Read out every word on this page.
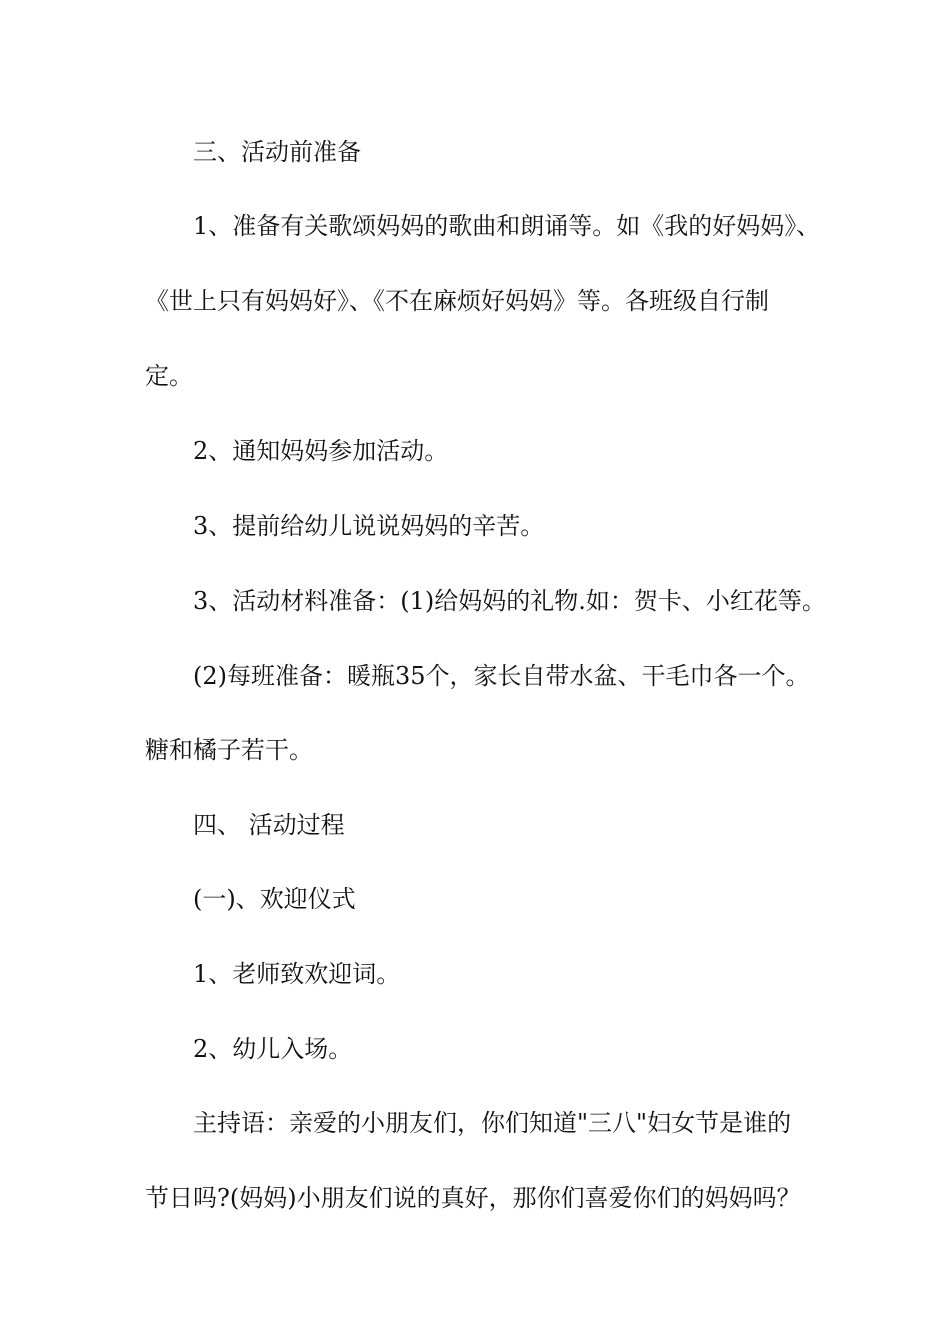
三、活动前准备
1、准备有关歌颂妈妈的歌曲和朗诵等。如《我的好妈妈》、
《世上只有妈妈好》、《不在麻烦好妈妈》等。各班级自行制
定。
2、通知妈妈参加活动。
3、提前给幼儿说说妈妈的辛苦。
3、活动材料准备：(1)给妈妈的礼物.如：贺卡、小红花等。
(2)每班准备：暖瓶35个，家长自带水盆、干毛巾各一个。
糖和橘子若干。
四、 活动过程
(一)、欢迎仪式
1、老师致欢迎词。
2、幼儿入场。
主持语：亲爱的小朋友们，你们知道"三八"妇女节是谁的
节日吗?(妈妈)小朋友们说的真好，那你们喜爱你们的妈妈吗？
